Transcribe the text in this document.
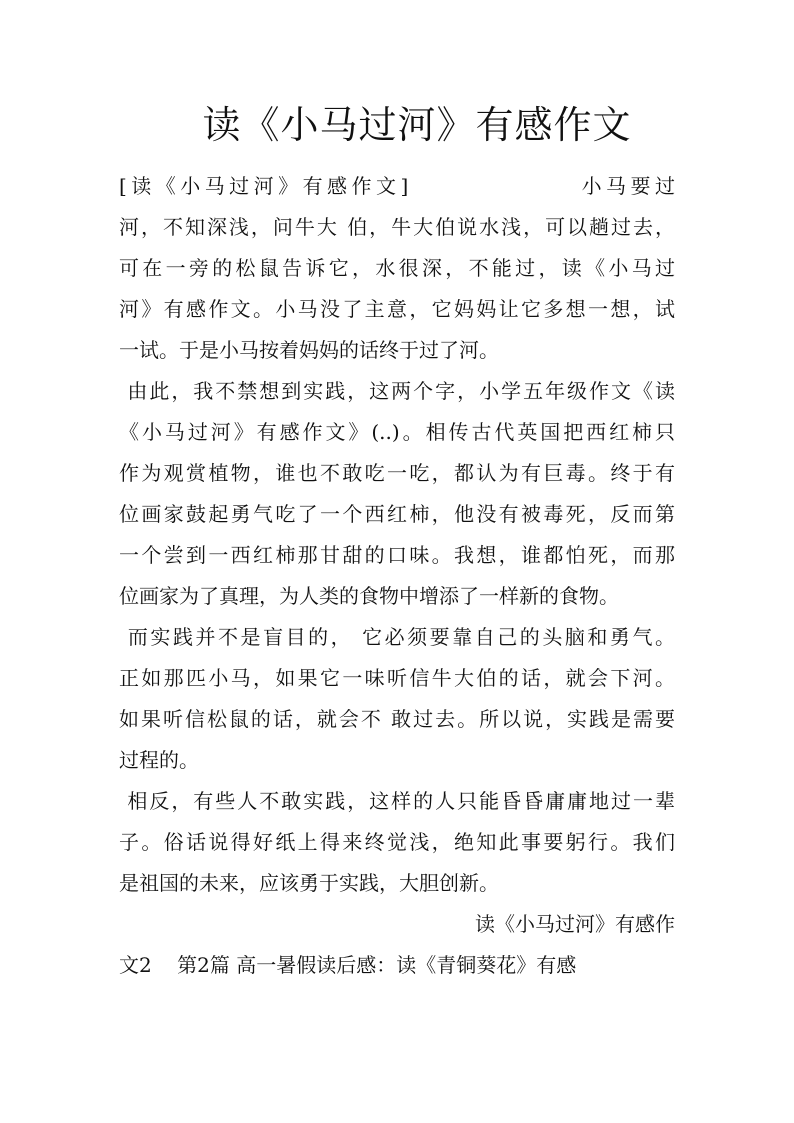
读《小马过河》有感作文
[读《小马过河》有感作文]                小马要过
河，不知深浅，问牛大 伯，牛大伯说水浅，可以趟过去，
可在一旁的松鼠告诉它，水很深，不能过，读《小马过
河》有感作文。小马没了主意，它妈妈让它多想一想，试
一试。于是小马按着妈妈的话终于过了河。
由此，我不禁想到实践，这两个字，小学五年级作文《读
《小马过河》有感作文》(..)。相传古代英国把西红柿只
作为观赏植物，谁也不敢吃一吃，都认为有巨毒。终于有
位画家鼓起勇气吃了一个西红柿，他没有被毒死，反而第
一个尝到一西红柿那甘甜的口味。我想，谁都怕死，而那
位画家为了真理，为人类的食物中增添了一样新的食物。
而实践并不是盲目的， 它必须要靠自己的头脑和勇气。
正如那匹小马，如果它一味听信牛大伯的话，就会下河。
如果听信松鼠的话，就会不 敢过去。所以说，实践是需要
过程的。
相反，有些人不敢实践，这样的人只能昏昏庸庸地过一辈
子。俗话说得好纸上得来终觉浅，绝知此事要躬行。我们
是祖国的未来，应该勇于实践，大胆创新。
读《小马过河》有感作
文2    第2篇 高一暑假读后感：读《青铜葵花》有感
